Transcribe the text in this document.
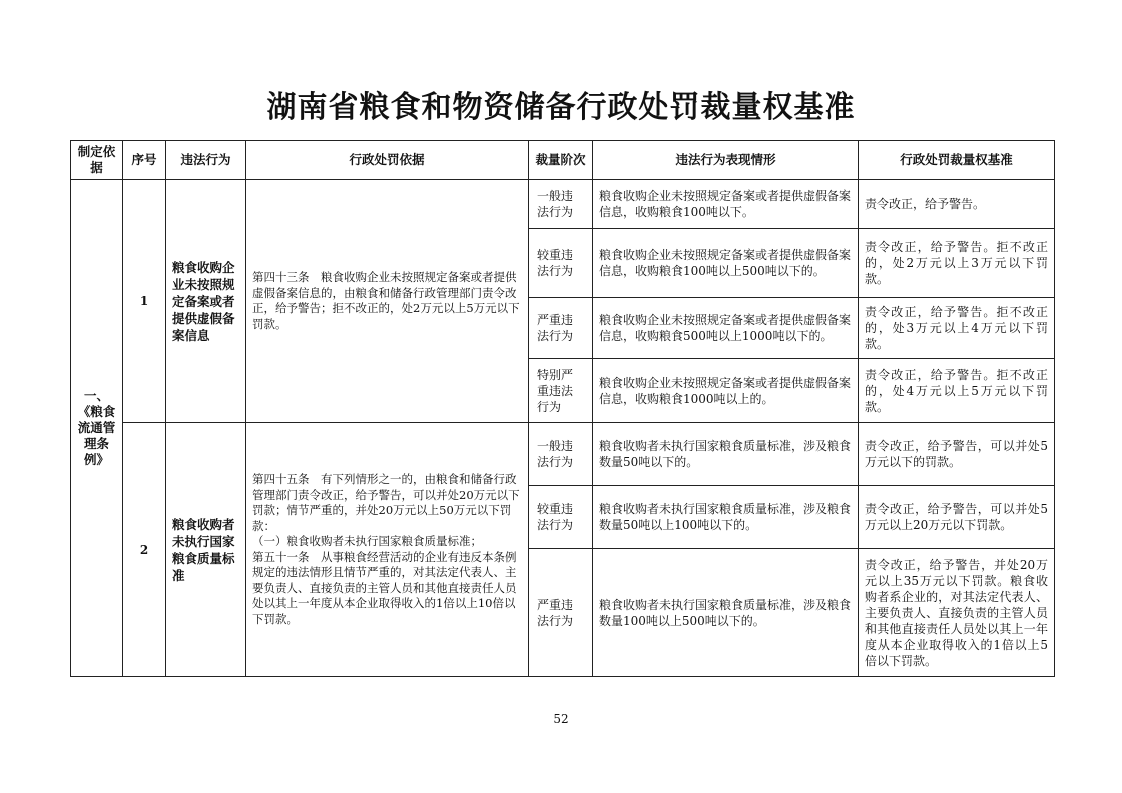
湖南省粮食和物资储备行政处罚裁量权基准
制定依据	序号	违法行为	行政处罚依据	裁量阶次	违法行为表现情形	行政处罚裁量权基准
一、《粮食流通管理条例》	1	粮食收购企业未按照规定备案或者提供虚假备案信息	第四十三条　粮食收购企业未按照规定备案或者提供虚假备案信息的，由粮食和储备行政管理部门责令改正，给予警告；拒不改正的，处2万元以上5万元以下罚款。	一般违法行为	粮食收购企业未按照规定备案或者提供虚假备案信息，收购粮食100吨以下。	责令改正，给予警告。
				较重违法行为	粮食收购企业未按照规定备案或者提供虚假备案信息，收购粮食100吨以上500吨以下的。	责令改正，给予警告。拒不改正的，处2万元以上3万元以下罚款。
				严重违法行为	粮食收购企业未按照规定备案或者提供虚假备案信息，收购粮食500吨以上1000吨以下的。	责令改正，给予警告。拒不改正的，处3万元以上4万元以下罚款。
				特别严重违法行为	粮食收购企业未按照规定备案或者提供虚假备案信息，收购粮食1000吨以上的。	责令改正，给予警告。拒不改正的，处4万元以上5万元以下罚款。
	2	粮食收购者未执行国家粮食质量标准	第四十五条　有下列情形之一的，由粮食和储备行政管理部门责令改正，给予警告，可以并处20万元以下罚款；情节严重的，并处20万元以上50万元以下罚款：
（一）粮食收购者未执行国家粮食质量标准；
第五十一条　从事粮食经营活动的企业有违反本条例规定的违法情形且情节严重的，对其法定代表人、主要负责人、直接负责的主管人员和其他直接责任人员处以其上一年度从本企业取得收入的1倍以上10倍以下罚款。	一般违法行为	粮食收购者未执行国家粮食质量标准，涉及粮食数量50吨以下的。	责令改正，给予警告，可以并处5万元以下的罚款。
				较重违法行为	粮食收购者未执行国家粮食质量标准，涉及粮食数量50吨以上100吨以下的。	责令改正，给予警告，可以并处5万元以上20万元以下罚款。
				严重违法行为	粮食收购者未执行国家粮食质量标准，涉及粮食数量100吨以上500吨以下的。	责令改正，给予警告，并处20万元以上35万元以下罚款。粮食收购者系企业的，对其法定代表人、主要负责人、直接负责的主管人员和其他直接责任人员处以其上一年度从本企业取得收入的1倍以上5倍以下罚款。
52
